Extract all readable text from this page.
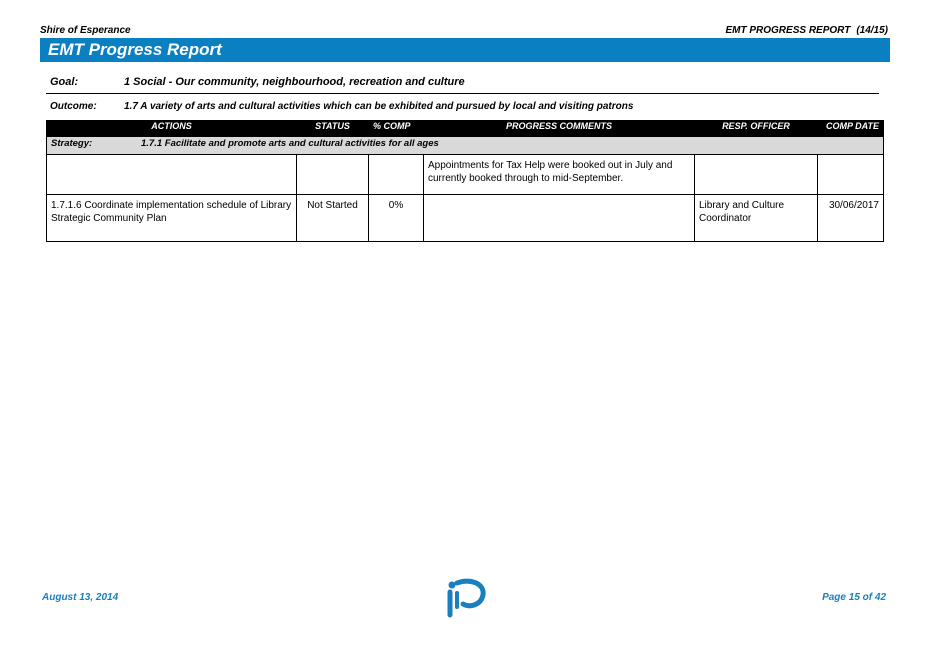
Shire of Esperance	EMT PROGRESS REPORT (14/15)
EMT Progress Report
Goal:	1 Social - Our community, neighbourhood, recreation and culture
Outcome:	1.7 A variety of arts and cultural activities which can be exhibited and pursued by local and visiting patrons
ACTIONS	STATUS	% COMP	PROGRESS COMMENTS	RESP. OFFICER	COMP DATE
Strategy: 1.7.1 Facilitate and promote arts and cultural activities for all ages					
			Appointments for Tax Help were booked out in July and currently booked through to mid-September.		
1.7.1.6 Coordinate implementation schedule of Library Strategic Community Plan	Not Started	0%		Library and Culture Coordinator	30/06/2017
August 13, 2014	Page 15 of 42
